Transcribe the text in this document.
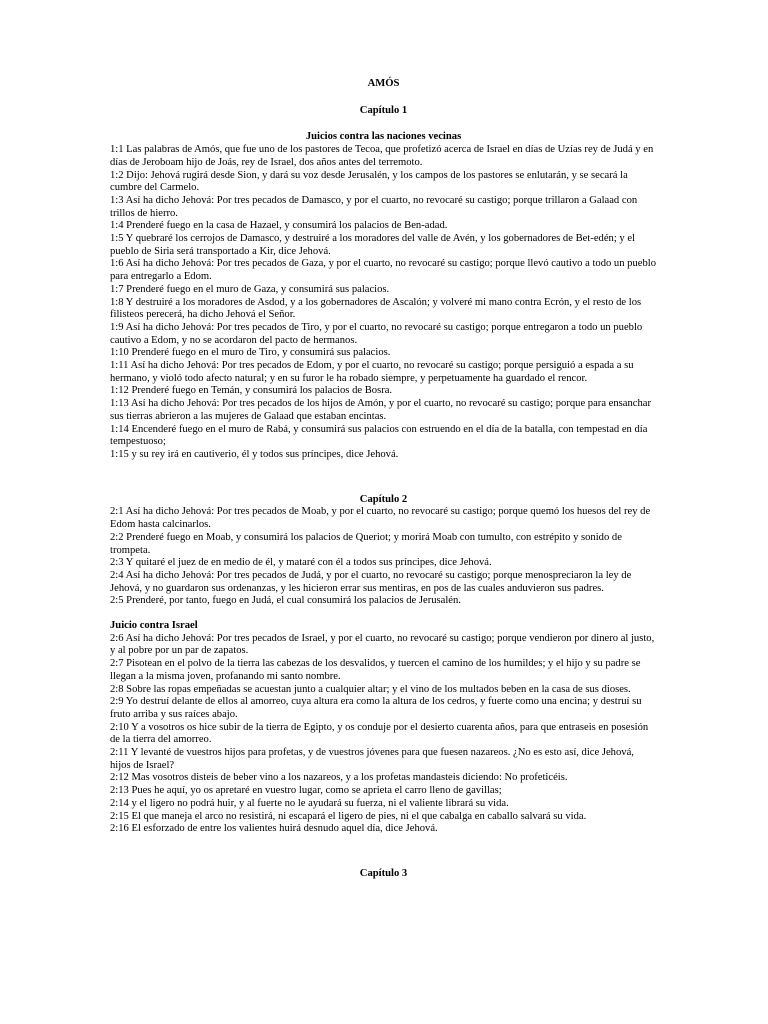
AMÓS
Capítulo 1
Juicios contra las naciones vecinas

1:1 Las palabras de Amós, que fue uno de los pastores de Tecoa, que profetizó acerca de Israel en días de Uzías rey de Judá y en días de Jeroboam hijo de Joás, rey de Israel, dos años antes del terremoto.

1:2 Dijo: Jehová rugirá desde Sion, y dará su voz desde Jerusalén, y los campos de los pastores se enlutarán, y se secará la cumbre del Carmelo.

1:3 Así ha dicho Jehová: Por tres pecados de Damasco, y por el cuarto, no revocaré su castigo; porque trillaron a Galaad con trillos de hierro.

1:4 Prenderé fuego en la casa de Hazael, y consumirá los palacios de Ben-adad.

1:5 Y quebraré los cerrojos de Damasco, y destruiré a los moradores del valle de Avén, y los gobernadores de Bet-edén; y el pueblo de Siria será transportado a Kir, dice Jehová.

1:6 Así ha dicho Jehová: Por tres pecados de Gaza, y por el cuarto, no revocaré su castigo; porque llevó cautivo a todo un pueblo para entregarlo a Edom.

1:7 Prenderé fuego en el muro de Gaza, y consumirá sus palacios.

1:8 Y destruiré a los moradores de Asdod, y a los gobernadores de Ascalón; y volveré mi mano contra Ecrón, y el resto de los filisteos perecerá, ha dicho Jehová el Señor.

1:9 Así ha dicho Jehová: Por tres pecados de Tiro, y por el cuarto, no revocaré su castigo; porque entregaron a todo un pueblo cautivo a Edom, y no se acordaron del pacto de hermanos.

1:10 Prenderé fuego en el muro de Tiro, y consumirá sus palacios.

1:11 Así ha dicho Jehová: Por tres pecados de Edom, y por el cuarto, no revocaré su castigo; porque persiguió a espada a su hermano, y violó todo afecto natural; y en su furor le ha robado siempre, y perpetuamente ha guardado el rencor.

1:12 Prenderé fuego en Temán, y consumirá los palacios de Bosra.

1:13 Así ha dicho Jehová: Por tres pecados de los hijos de Amón, y por el cuarto, no revocaré su castigo; porque para ensanchar sus tierras abrieron a las mujeres de Galaad que estaban encintas.

1:14 Encenderé fuego en el muro de Rabá, y consumirá sus palacios con estruendo en el día de la batalla, con tempestad en día tempestuoso;

1:15 y su rey irá en cautiverio, él y todos sus príncipes, dice Jehová.

Capítulo 2

2:1 Así ha dicho Jehová: Por tres pecados de Moab, y por el cuarto, no revocaré su castigo; porque quemó los huesos del rey de Edom hasta calcinarlos.

2:2 Prenderé fuego en Moab, y consumirá los palacios de Queriot; y morirá Moab con tumulto, con estrépito y sonido de trompeta.

2:3 Y quitaré el juez de en medio de él, y mataré con él a todos sus príncipes, dice Jehová.

2:4 Así ha dicho Jehová: Por tres pecados de Judá, y por el cuarto, no revocaré su castigo; porque menospreciaron la ley de Jehová, y no guardaron sus ordenanzas, y les hicieron errar sus mentiras, en pos de las cuales anduvieron sus padres.

2:5 Prenderé, por tanto, fuego en Judá, el cual consumirá los palacios de Jerusalén.

Juicio contra Israel

2:6 Así ha dicho Jehová: Por tres pecados de Israel, y por el cuarto, no revocaré su castigo; porque vendieron por dinero al justo, y al pobre por un par de zapatos.

2:7 Pisotean en el polvo de la tierra las cabezas de los desvalidos, y tuercen el camino de los humildes; y el hijo y su padre se llegan a la misma joven, profanando mi santo nombre.

2:8 Sobre las ropas empeñadas se acuestan junto a cualquier altar; y el vino de los multados beben en la casa de sus dioses.

2:9 Yo destruí delante de ellos al amorreo, cuya altura era como la altura de los cedros, y fuerte como una encina; y destruí su fruto arriba y sus raíces abajo.

2:10 Y a vosotros os hice subir de la tierra de Egipto, y os conduje por el desierto cuarenta años, para que entraseis en posesión de la tierra del amorreo.

2:11 Y levanté de vuestros hijos para profetas, y de vuestros jóvenes para que fuesen nazareos. ¿No es esto así, dice Jehová, hijos de Israel?

2:12 Mas vosotros disteis de beber vino a los nazareos, y a los profetas mandasteis diciendo: No profeticéis.

2:13 Pues he aquí, yo os apretaré en vuestro lugar, como se aprieta el carro lleno de gavillas;

2:14 y el ligero no podrá huir, y al fuerte no le ayudará su fuerza, ni el valiente librará su vida.

2:15 El que maneja el arco no resistirá, ni escapará el ligero de pies, ni el que cabalga en caballo salvará su vida.

2:16 El esforzado de entre los valientes huirá desnudo aquel día, dice Jehová.

Capítulo 3
